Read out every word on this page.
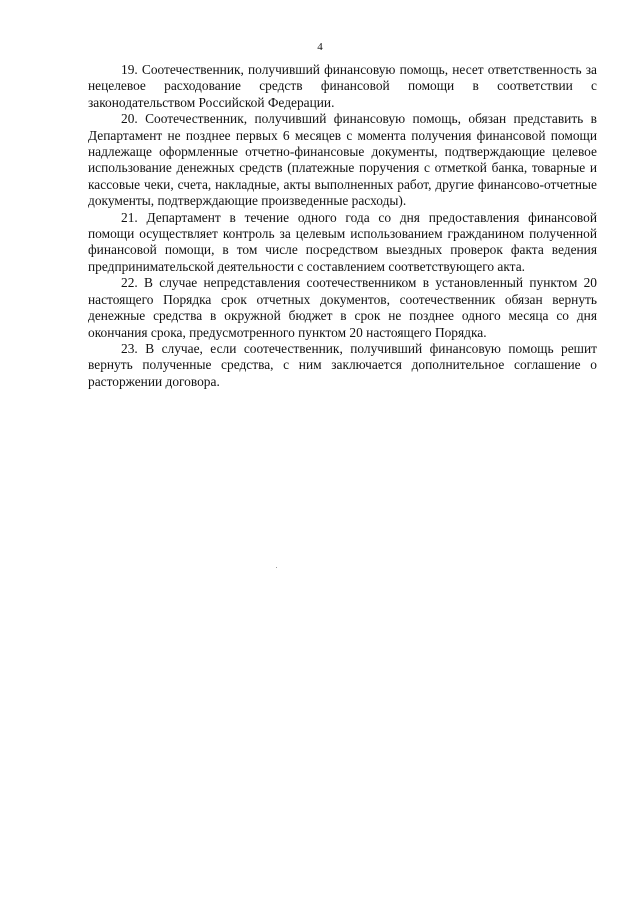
4

19. Соотечественник, получивший финансовую помощь, несет ответственность за нецелевое расходование средств финансовой помощи в соответствии с законодательством Российской Федерации.

20. Соотечественник, получивший финансовую помощь, обязан представить в Департамент не позднее первых 6 месяцев с момента получения финансовой помощи надлежаще оформленные отчетно-финансовые документы, подтверждающие целевое использование денежных средств (платежные поручения с отметкой банка, товарные и кассовые чеки, счета, накладные, акты выполненных работ, другие финансово-отчетные документы, подтверждающие произведенные расходы).

21. Департамент в течение одного года со дня предоставления финансовой помощи осуществляет контроль за целевым использованием гражданином полученной финансовой помощи, в том числе посредством выездных проверок факта ведения предпринимательской деятельности с составлением соответствующего акта.

22. В случае непредставления соотечественником в установленный пунктом 20 настоящего Порядка срок отчетных документов, соотечественник обязан вернуть денежные средства в окружной бюджет в срок не позднее одного месяца со дня окончания срока, предусмотренного пунктом 20 настоящего Порядка.

23. В случае, если соотечественник, получивший финансовую помощь решит вернуть полученные средства, с ним заключается дополнительное соглашение о расторжении договора.
